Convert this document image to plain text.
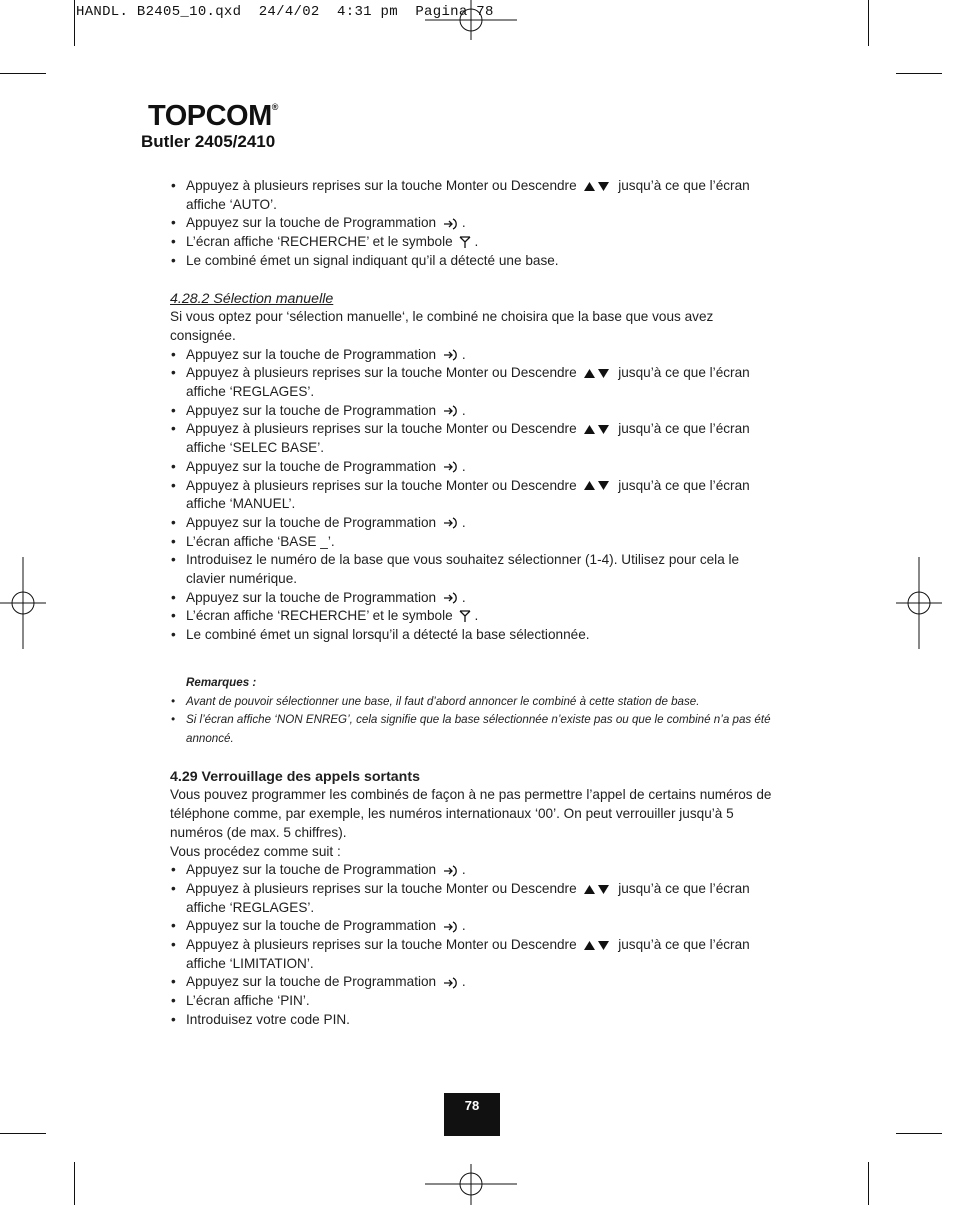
HANDL. B2405_10.qxd  24/4/02  4:31 pm  Pagina 78
TOPCOM®
Butler 2405/2410
• Appuyez à plusieurs reprises sur la touche Monter ou Descendre	jusqu’à ce que l’écran affiche ‘AUTO’.
• Appuyez sur la touche de Programmation .
• L’écran affiche ‘RECHERCHE’ et le symbole .
• Le combiné émet un signal indiquant qu’il a détecté une base.

4.28.2 Sélection manuelle

Si vous optez pour ‘sélection manuelle‘, le combiné ne choisira que la base que vous avez consignée.

• Appuyez sur la touche de Programmation .
• Appuyez à plusieurs reprises sur la touche Monter ou Descendre	jusqu’à ce que l’écran affiche ‘REGLAGES’.
• Appuyez sur la touche de Programmation .
• Appuyez à plusieurs reprises sur la touche Monter ou Descendre	jusqu’à ce que l’écran affiche ‘SELEC BASE’.
• Appuyez sur la touche de Programmation .
• Appuyez à plusieurs reprises sur la touche Monter ou Descendre	jusqu’à ce que l’écran affiche ‘MANUEL’.
• Appuyez sur la touche de Programmation .
• L’écran affiche ‘BASE _’.
• Introduisez le numéro de la base que vous souhaitez sélectionner (1-4). Utilisez pour cela le clavier numérique.
• Appuyez sur la touche de Programmation .
• L’écran affiche ‘RECHERCHE’ et le symbole .
• Le combiné émet un signal lorsqu’il a détecté la base sélectionnée.

Remarques :

• Avant de pouvoir sélectionner une base, il faut d’abord annoncer le combiné à cette station de base.
• Si l’écran affiche ‘NON ENREG’, cela signifie que la base sélectionnée n’existe pas ou que le combiné n’a pas été annoncé.

4.29 Verrouillage des appels sortants

Vous pouvez programmer les combinés de façon à ne pas permettre l’appel de certains numéros de téléphone comme, par exemple, les numéros internationaux ‘00’. On peut verrouiller jusqu’à 5 numéros (de max. 5 chiffres).

Vous procédez comme suit :

• Appuyez sur la touche de Programmation .
• Appuyez à plusieurs reprises sur la touche Monter ou Descendre	jusqu’à ce que l’écran affiche ‘REGLAGES’.
• Appuyez sur la touche de Programmation .
• Appuyez à plusieurs reprises sur la touche Monter ou Descendre	jusqu’à ce que l’écran affiche ‘LIMITATION’.
• Appuyez sur la touche de Programmation .
• L’écran affiche ‘PIN’.
• Introduisez votre code PIN.
78
